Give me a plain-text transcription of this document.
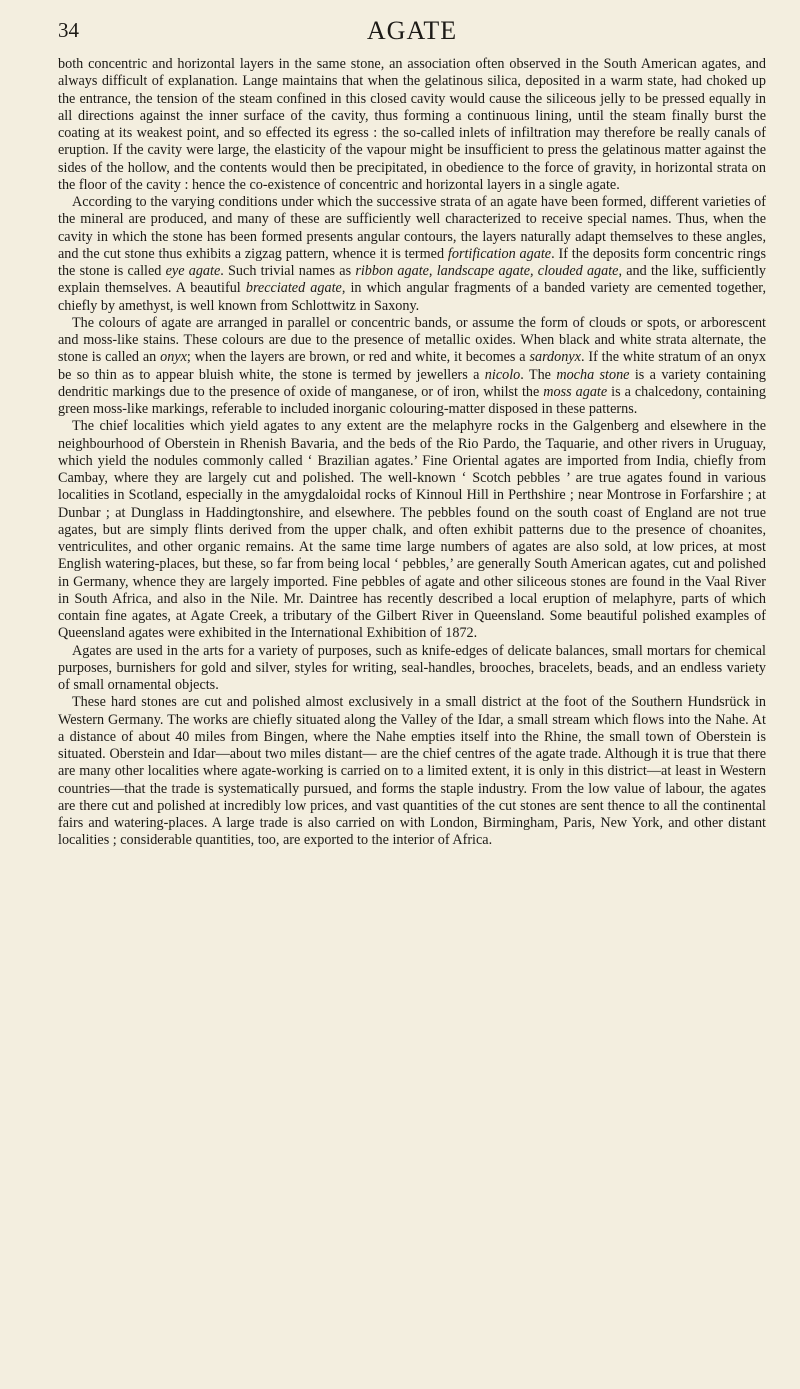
34	AGATE

both concentric and horizontal layers in the same stone, an association often observed in the South American agates, and always difficult of explanation. Lange maintains that when the gelatinous silica, deposited in a warm state, had choked up the entrance, the tension of the steam confined in this closed cavity would cause the siliceous jelly to be pressed equally in all directions against the inner surface of the cavity, thus forming a continuous lining, until the steam finally burst the coating at its weakest point, and so effected its egress : the so-called inlets of infiltration may therefore be really canals of eruption. If the cavity were large, the elasticity of the vapour might be insufficient to press the gelatinous matter against the sides of the hollow, and the contents would then be precipitated, in obedience to the force of gravity, in horizontal strata on the floor of the cavity : hence the co-existence of concentric and horizontal layers in a single agate.

According to the varying conditions under which the successive strata of an agate have been formed, different varieties of the mineral are produced, and many of these are sufficiently well characterized to receive special names. Thus, when the cavity in which the stone has been formed presents angular contours, the layers naturally adapt themselves to these angles, and the cut stone thus exhibits a zigzag pattern, whence it is termed fortification agate. If the deposits form concentric rings the stone is called eye agate. Such trivial names as ribbon agate, landscape agate, clouded agate, and the like, sufficiently explain themselves. A beautiful brecciated agate, in which angular fragments of a banded variety are cemented together, chiefly by amethyst, is well known from Schlottwitz in Saxony.

The colours of agate are arranged in parallel or concentric bands, or assume the form of clouds or spots, or arborescent and moss-like stains. These colours are due to the presence of metallic oxides. When black and white strata alternate, the stone is called an onyx; when the layers are brown, or red and white, it becomes a sardonyx. If the white stratum of an onyx be so thin as to appear bluish white, the stone is termed by jewellers a nicolo. The mocha stone is a variety containing dendritic markings due to the presence of oxide of manganese, or of iron, whilst the moss agate is a chalcedony, containing green moss-like markings, referable to included inorganic colouring-matter disposed in these patterns.

The chief localities which yield agates to any extent are the melaphyre rocks in the Galgenberg and elsewhere in the neighbourhood of Oberstein in Rhenish Bavaria, and the beds of the Rio Pardo, the Taquarie, and other rivers in Uruguay, which yield the nodules commonly called ‘ Brazilian agates.’ Fine Oriental agates are imported from India, chiefly from Cambay, where they are largely cut and polished. The well-known ‘ Scotch pebbles ’ are true agates found in various localities in Scotland, especially in the amygdaloidal rocks of Kinnoul Hill in Perthshire ; near Montrose in Forfarshire ; at Dunbar ; at Dunglass in Haddingtonshire, and elsewhere. The pebbles found on the south coast of England are not true agates, but are simply flints derived from the upper chalk, and often exhibit patterns due to the presence of choanites, ventriculites, and other organic remains. At the same time large numbers of agates are also sold, at low prices, at most English watering-places, but these, so far from being local ‘ pebbles,’ are generally South American agates, cut and polished in Germany, whence they are largely imported. Fine pebbles of agate and other siliceous stones are found in the Vaal River in South Africa, and also in the Nile. Mr. Daintree has recently described a local eruption of melaphyre, parts of which contain fine agates, at Agate Creek, a tributary of the Gilbert River in Queensland. Some beautiful polished examples of Queensland agates were exhibited in the International Exhibition of 1872.

Agates are used in the arts for a variety of purposes, such as knife-edges of delicate balances, small mortars for chemical purposes, burnishers for gold and silver, styles for writing, seal-handles, brooches, bracelets, beads, and an endless variety of small ornamental objects.

These hard stones are cut and polished almost exclusively in a small district at the foot of the Southern Hundsrück in Western Germany. The works are chiefly situated along the Valley of the Idar, a small stream which flows into the Nahe. At a distance of about 40 miles from Bingen, where the Nahe empties itself into the Rhine, the small town of Oberstein is situated. Oberstein and Idar—about two miles distant— are the chief centres of the agate trade. Although it is true that there are many other localities where agate-working is carried on to a limited extent, it is only in this district—at least in Western countries—that the trade is systematically pursued, and forms the staple industry. From the low value of labour, the agates are there cut and polished at incredibly low prices, and vast quantities of the cut stones are sent thence to all the continental fairs and watering-places. A large trade is also carried on with London, Birmingham, Paris, New York, and other distant localities ; considerable quantities, too, are exported to the interior of Africa.
